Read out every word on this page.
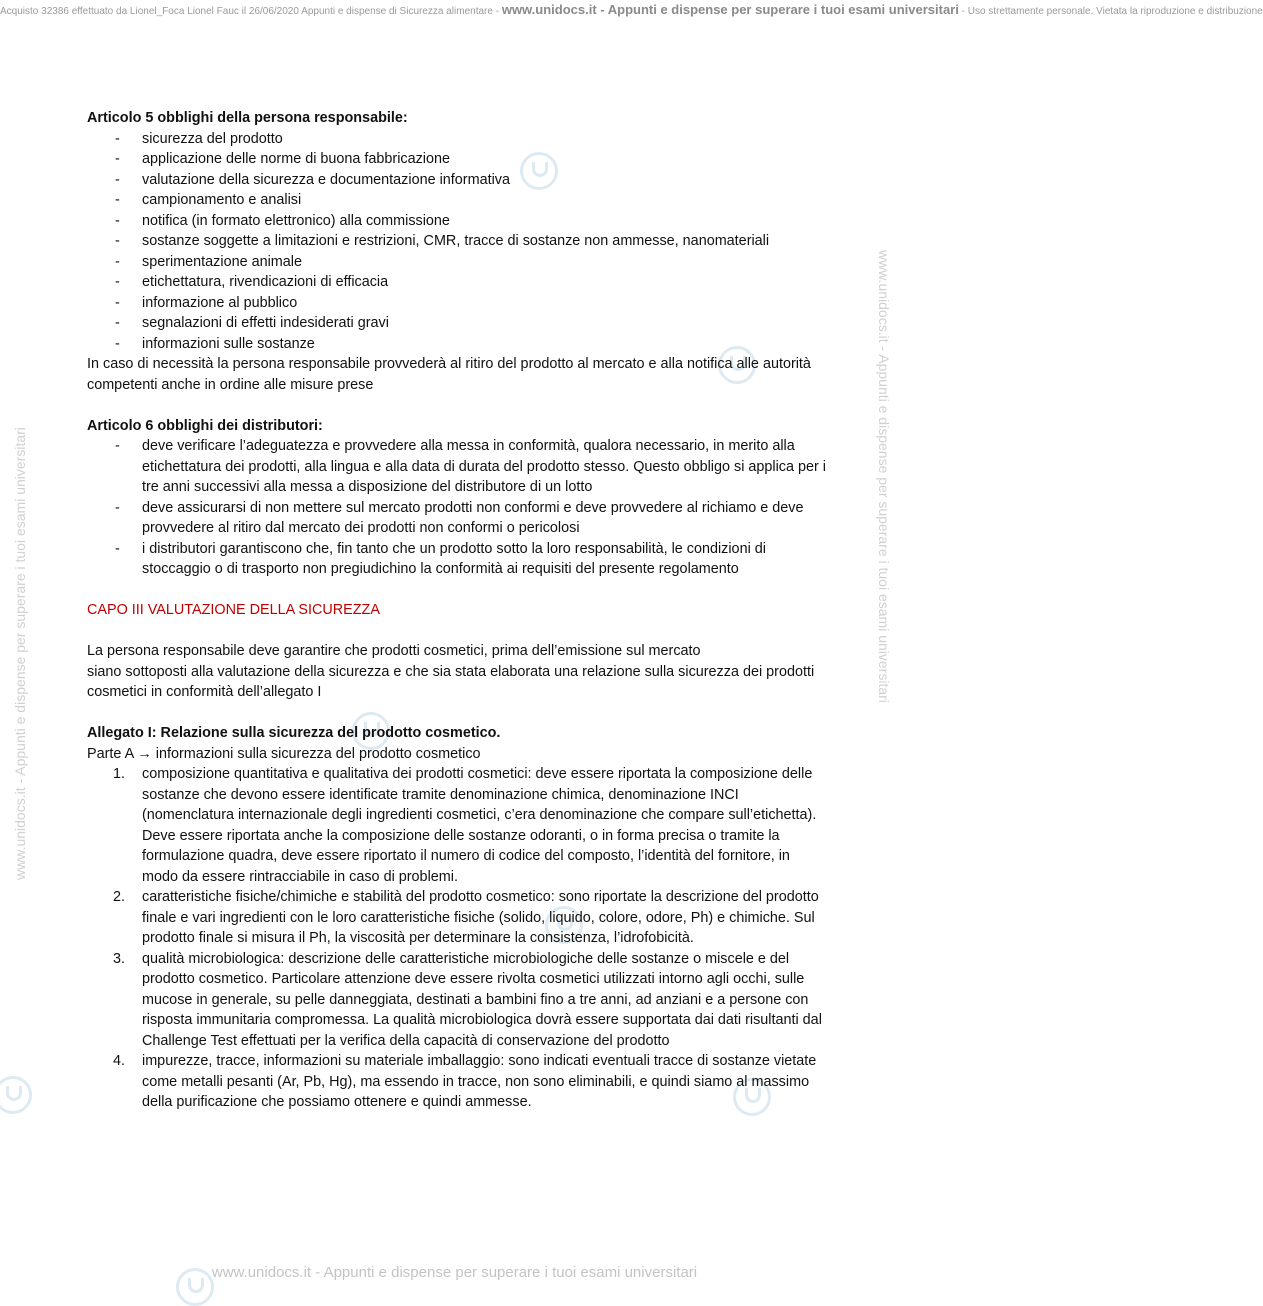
Acquisto 32386 effettuato da Lionel_Foca Lionel Fauc il 26/06/2020 Appunti e dispense di Sicurezza alimentare - www.unidocs.it - Appunti e dispense per superare i tuoi esami universitari - Uso strettamente personale. Vietata la riproduzione e distribuzione
www.unidocs.it - Appunti e dispense per superare i tuoi esami universitari	www.unidocs.it - Appunti e dispense per superare i tuoi esami universitari

Articolo 5 obblighi della persona responsabile:

- sicurezza del prodotto
- applicazione delle norme di buona fabbricazione
- valutazione della sicurezza e documentazione informativa
- campionamento e analisi
- notifica (in formato elettronico) alla commissione
- sostanze soggette a limitazioni e restrizioni, CMR, tracce di sostanze non ammesse, nanomateriali
- sperimentazione animale
- etichettatura, rivendicazioni di efficacia
- informazione al pubblico
- segnalazioni di effetti indesiderati gravi
- informazioni sulle sostanze

In caso di necessità la persona responsabile provvederà al ritiro del prodotto al mercato e alla notifica alle autorità competenti anche in ordine alle misure prese

Articolo 6 obblighi dei distributori:

- deve verificare l’adeguatezza e provvedere alla messa in conformità, qualora necessario, in merito alla etichettatura dei prodotti, alla lingua e alla data di durata del prodotto stesso. Questo obbligo si applica per i tre anni successivi alla messa a disposizione del distributore di un lotto
- deve assicurarsi di non mettere sul mercato prodotti non conformi e deve provvedere al richiamo e deve provvedere al ritiro dal mercato dei prodotti non conformi o pericolosi
- i distributori garantiscono che, fin tanto che un prodotto sotto la loro responsabilità, le condizioni di stoccaggio o di trasporto non pregiudichino la conformità ai requisiti del presente regolamento

CAPO III VALUTAZIONE DELLA SICUREZZA

La persona responsabile deve garantire che prodotti cosmetici, prima dell’emissione sul mercato

siano sottoposti alla valutazione della sicurezza e che sia stata elaborata una relazione sulla sicurezza dei prodotti cosmetici in conformità dell’allegato I

Allegato I: Relazione sulla sicurezza del prodotto cosmetico.

Parte A → informazioni sulla sicurezza del prodotto cosmetico

1. composizione quantitativa e qualitativa dei prodotti cosmetici: deve essere riportata la composizione delle sostanze che devono essere identificate tramite denominazione chimica, denominazione INCI (nomenclatura internazionale degli ingredienti cosmetici, c’era denominazione che compare sull’etichetta). Deve essere riportata anche la composizione delle sostanze odoranti, o in forma precisa o tramite la formulazione quadra, deve essere riportato il numero di codice del composto, l’identità del fornitore, in modo da essere rintracciabile in caso di problemi.
2. caratteristiche fisiche/chimiche e stabilità del prodotto cosmetico: sono riportate la descrizione del prodotto finale e vari ingredienti con le loro caratteristiche fisiche (solido, liquido, colore, odore, Ph) e chimiche. Sul prodotto finale si misura il Ph, la viscosità per determinare la consistenza, l’idrofobicità.
3. qualità microbiologica: descrizione delle caratteristiche microbiologiche delle sostanze o miscele e del prodotto cosmetico. Particolare attenzione deve essere rivolta cosmetici utilizzati intorno agli occhi, sulle mucose in generale, su pelle danneggiata, destinati a bambini fino a tre anni, ad anziani e a persone con risposta immunitaria compromessa. La qualità microbiologica dovrà essere supportata dai dati risultanti dal Challenge Test effettuati per la verifica della capacità di conservazione del prodotto
4. impurezze, tracce, informazioni su materiale imballaggio: sono indicati eventuali tracce di sostanze vietate come metalli pesanti (Ar, Pb, Hg), ma essendo in tracce, non sono eliminabili, e quindi siamo al massimo della purificazione che possiamo ottenere e quindi ammesse.
www.unidocs.it - Appunti e dispense per superare i tuoi esami universitari
